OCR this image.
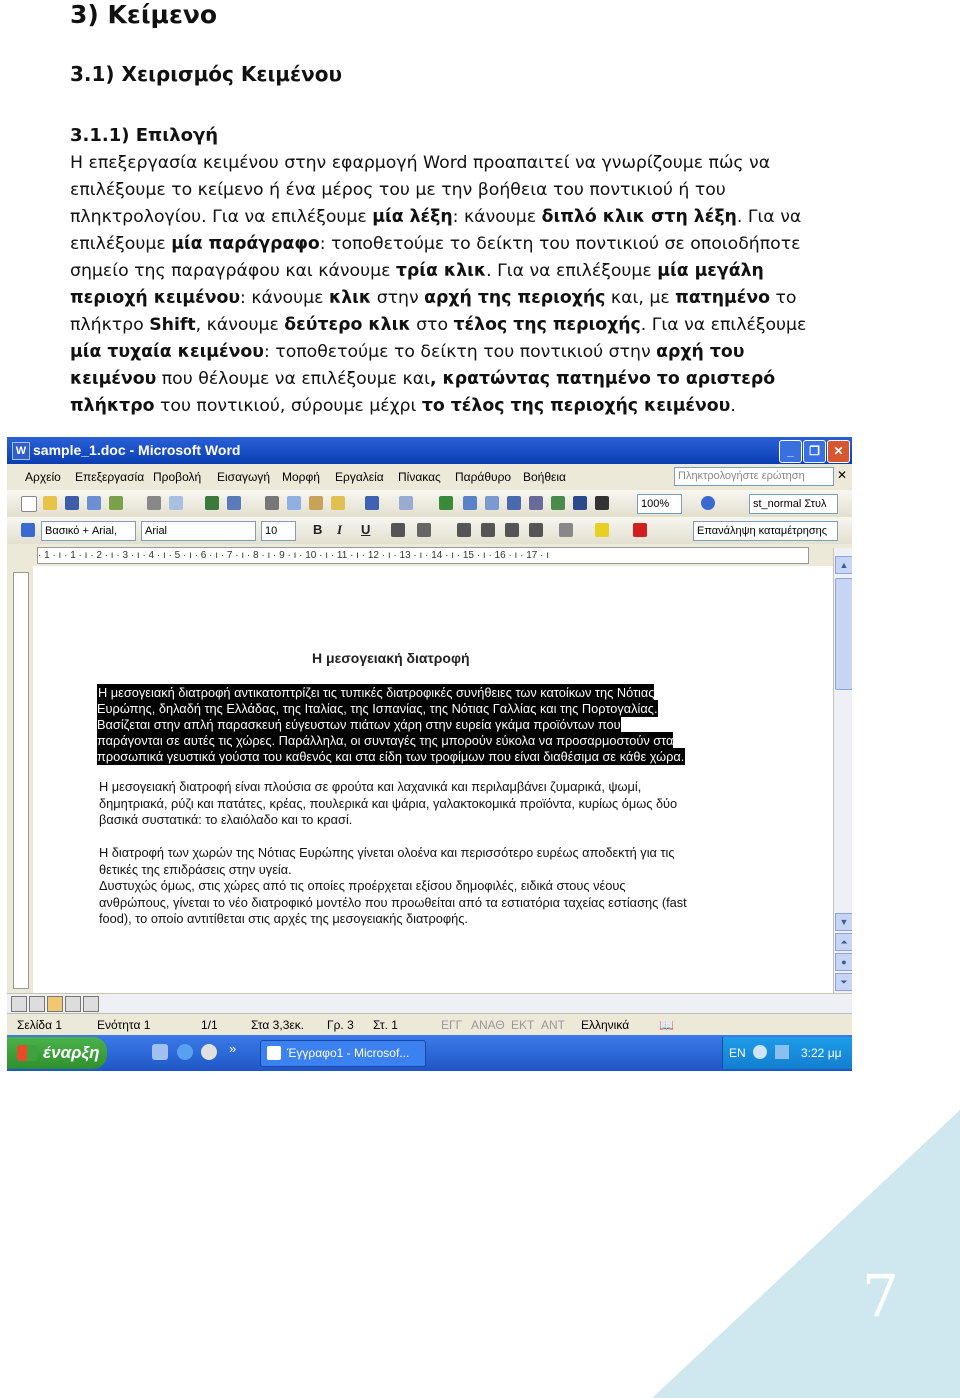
3) Κείμενο
3.1) Χειρισμός Κειμένου
3.1.1) Επιλογή
Η επεξεργασία κειμένου στην εφαρμογή Word προαπαιτεί να γνωρίζουμε πώς να επιλέξουμε το κείμενο ή ένα μέρος του με την βοήθεια του ποντικιού ή του πληκτρολογίου. Για να επιλέξουμε μία λέξη: κάνουμε διπλό κλικ στη λέξη. Για να επιλέξουμε μία παράγραφο: τοποθετούμε το δείκτη του ποντικιού σε οποιοδήποτε σημείο της παραγράφου και κάνουμε τρία κλικ. Για να επιλέξουμε μία μεγάλη περιοχή κειμένου: κάνουμε κλικ στην αρχή της περιοχής και, με πατημένο το πλήκτρο Shift, κάνουμε δεύτερο κλικ στο τέλος της περιοχής. Για να επιλέξουμε μία τυχαία κειμένου: τοποθετούμε το δείκτη του ποντικιού στην αρχή του κειμένου που θέλουμε να επιλέξουμε και, κρατώντας πατημένο το αριστερό πλήκτρο του ποντικιού, σύρουμε μέχρι το τέλος της περιοχής κειμένου.
W sample_1.doc - Microsoft Word	_	❐	✕
Αρχείο Επεξεργασία Προβολή Εισαγωγή Μορφή Εργαλεία Πίνακας Παράθυρο Βοήθεια	Πληκτρολογήστε ερώτηση	✕
100%	st_normal Στυλ
Βασικό + Arial,	Arial	10	B I U	Επανάληψη καταμέτρησης
· 1 · ı · 1 · ı · 2 · ı · 3 · ı · 4 · ı · 5 · ı · 6 · ı · 7 · ı · 8 · ı · 9 · ı · 10 · ı · 11 · ı · 12 · ı · 13 · ı · 14 · ı · 15 · ı · 16 · ı · 17 · ı
▲
▼
⏶
●
⏷
Η μεσογειακή διατροφή
Η μεσογειακή διατροφή αντικατοπτρίζει τις τυπικές διατροφικές συνήθειες των κατοίκων της Νότιας Ευρώπης, δηλαδή της Ελλάδας, της Ιταλίας, της Ισπανίας, της Νότιας Γαλλίας και της Πορτογαλίας. Βασίζεται στην απλή παρασκευή εύγευστων πιάτων χάρη στην ευρεία γκάμα προϊόντων που παράγονται σε αυτές τις χώρες. Παράλληλα, οι συνταγές της μπορούν εύκολα να προσαρμοστούν στα προσωπικά γευστικά γούστα του καθενός και στα είδη των τροφίμων που είναι διαθέσιμα σε κάθε χώρα.
Η μεσογειακή διατροφή είναι πλούσια σε φρούτα και λαχανικά και περιλαμβάνει ζυμαρικά, ψωμί, δημητριακά, ρύζι και πατάτες, κρέας, πουλερικά και ψάρια, γαλακτοκομικά προϊόντα, κυρίως όμως δύο βασικά συστατικά: το ελαιόλαδο και το κρασί.
Η διατροφή των χωρών της Νότιας Ευρώπης γίνεται ολοένα και περισσότερο ευρέως αποδεκτή για τις θετικές της επιδράσεις στην υγεία.
Δυστυχώς όμως, στις χώρες από τις οποίες προέρχεται εξίσου δημοφιλές, ειδικά στους νέους ανθρώπους, γίνεται το νέο διατροφικό μοντέλο που προωθείται από τα εστιατόρια ταχείας εστίασης (fast food), το οποίο αντιτίθεται στις αρχές της μεσογειακής διατροφής.
Σελίδα 1	Ενότητα 1	1/1	Στα 3,3εκ. Γρ. 3 Στ. 1	ΕΓΓ ΑΝΑΘ ΕΚΤ ΑΝΤ Ελληνικά 📖
έναρξη	»	Έγγραφο1 - Microsof...	EN	3:22 μμ
7
